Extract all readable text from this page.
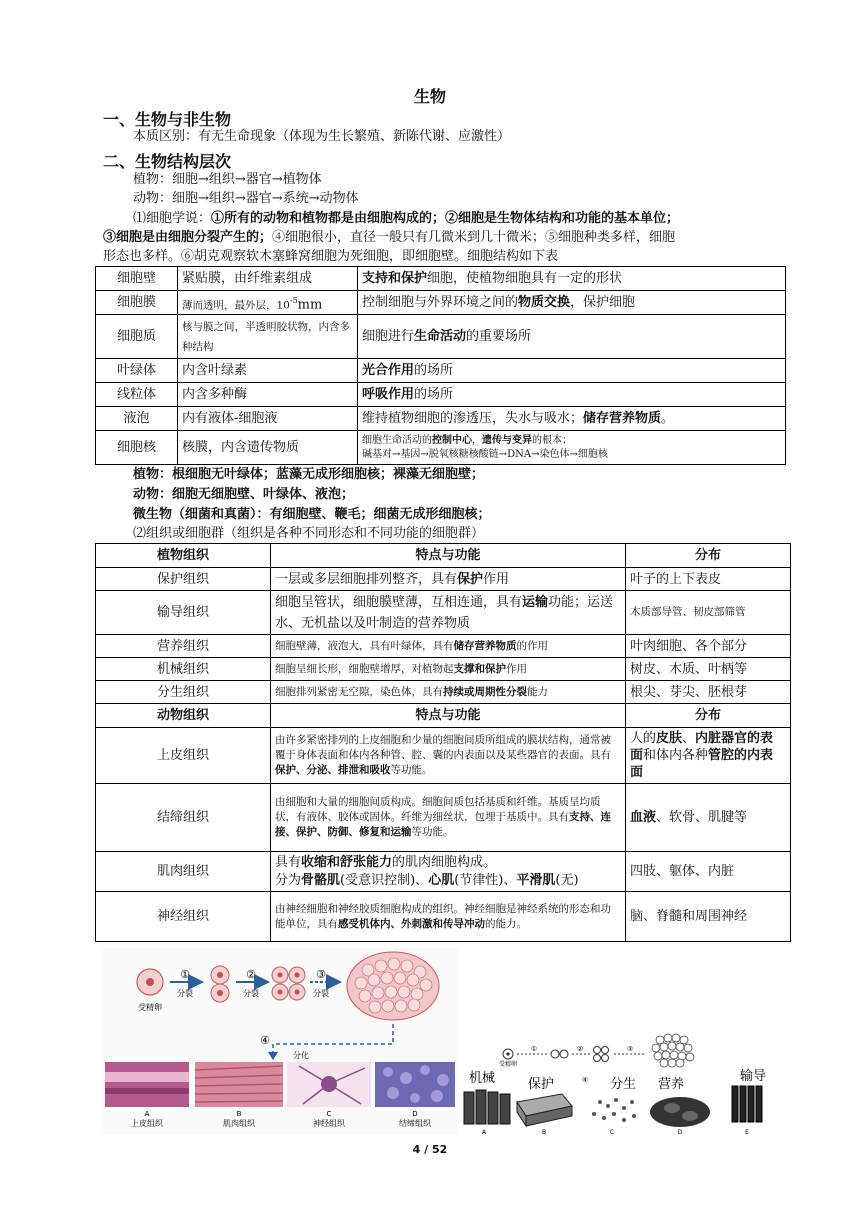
生物
一、生物与非生物
本质区别：有无生命现象（体现为生长繁殖、新陈代谢、应激性）
二、生物结构层次
植物：细胞→组织→器官→植物体
动物：细胞→组织→器官→系统→动物体
⑴细胞学说：①所有的动物和植物都是由细胞构成的；②细胞是生物体结构和功能的基本单位；
③细胞是由细胞分裂产生的；④细胞很小，直径一般只有几微米到几十微米；⑤细胞种类多样，细胞
形态也多样。⑥胡克观察软木塞蜂窝细胞为死细胞，即细胞壁。细胞结构如下表
细胞壁	紧贴膜，由纤维素组成	支持和保护细胞，使植物细胞具有一定的形状
细胞膜	薄而透明，最外层，$10^{-5}mm$	控制细胞与外界环境之间的物质交换，保护细胞
细胞质	核与膜之间，半透明胶状物，内含多种结构	细胞进行生命活动的重要场所
叶绿体	内含叶绿素	光合作用的场所
线粒体	内含多种酶	呼吸作用的场所
液泡	内有液体-细胞液	维持植物细胞的渗透压，失水与吸水；储存营养物质。
细胞核	核膜，内含遗传物质	细胞生命活动的控制中心，遗传与变异的根本；
碱基对→基因→脱氧核糖核酸链→DNA→染色体→细胞核
植物：根细胞无叶绿体；蓝藻无成形细胞核；裸藻无细胞壁；
动物：细胞无细胞壁、叶绿体、液泡；
微生物（细菌和真菌）：有细胞壁、鞭毛；细菌无成形细胞核；
⑵组织或细胞群（组织是各种不同形态和不同功能的细胞群）
植物组织	特点与功能	分布
保护组织	一层或多层细胞排列整齐，具有保护作用	叶子的上下表皮
输导组织	细胞呈管状，细胞膜壁薄，互相连通，具有运输功能；运送水、无机盐以及叶制造的营养物质	木质部导管、韧皮部筛管
营养组织	细胞壁薄，液泡大，具有叶绿体，具有储存营养物质的作用	叶肉细胞、各个部分
机械组织	细胞呈细长形，细胞壁增厚，对植物起支撑和保护作用	树皮、木质、叶柄等
分生组织	细胞排列紧密无空隙，染色体，具有持续或周期性分裂能力	根尖、芽尖、胚根芽
动物组织	特点与功能	分布
上皮组织	由许多紧密排列的上皮细胞和少量的细胞间质所组成的膜状结构，通常被覆于身体表面和体内各种管、腔、囊的内表面以及某些器官的表面。具有保护、分泌、排泄和吸收等功能。	人的皮肤、内脏器官的表面和体内各种管腔的内表面
结缔组织	由细胞和大量的细胞间质构成。细胞间质包括基质和纤维。基质呈均质状，有液体、胶体或固体。纤维为细丝状，包埋于基质中。具有支持、连接、保护、防御、修复和运输等功能。	血液、软骨、肌腱等
肌肉组织	具有收缩和舒张能力的肌肉细胞构成。
分为骨骼肌(受意识控制)、心肌(节律性)、平滑肌(无)	四肢、躯体、内脏
神经组织	由神经细胞和神经胶质细胞构成的组织。神经细胞是神经系统的形态和功能单位，具有感受机体内、外刺激和传导冲动的能力。	脑、脊髓和周围神经
受精卵
①
分裂
②
分裂
③
分裂
④
分化
A	B	C	D
上皮组织	肌肉组织	神经组织	结缔组织
受精卵
①	②	③
④
机械	保护	分生 营养
输导
A	B	C	D	E
4 / 52
